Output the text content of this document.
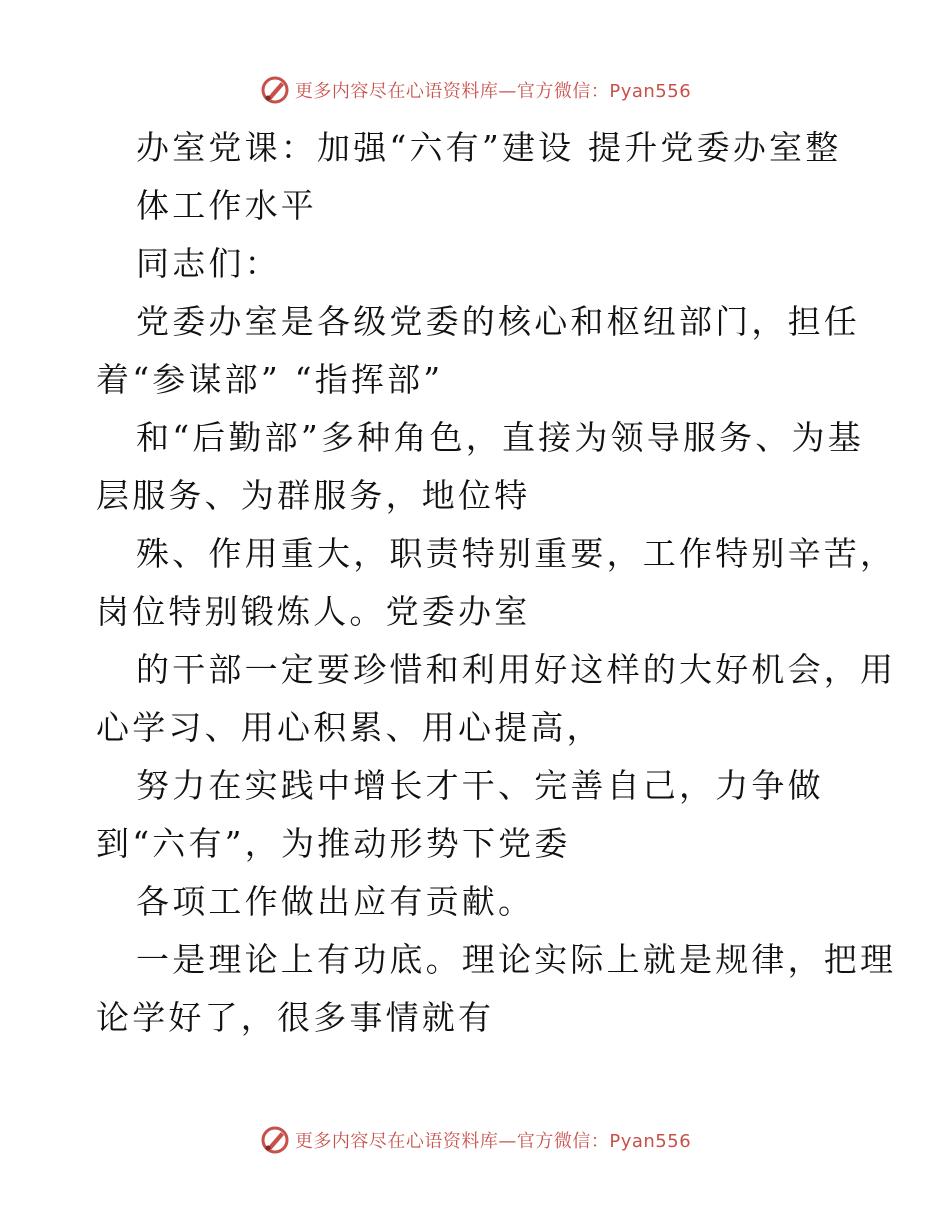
更多内容尽在心语资料库—官方微信：Pyan556
办室党课：加强“六有”建设 提升党委办室整
体工作水平
同志们：
党委办室是各级党委的核心和枢纽部门，担任
着“参谋部” “指挥部”
和“后勤部”多种角色，直接为领导服务、为基
层服务、为群服务，地位特
殊、作用重大，职责特别重要，工作特别辛苦，
岗位特别锻炼人。党委办室
的干部一定要珍惜和利用好这样的大好机会，用
心学习、用心积累、用心提高，
努力在实践中增长才干、完善自己，力争做
到“六有”，为推动形势下党委
各项工作做出应有贡献。
一是理论上有功底。理论实际上就是规律，把理
论学好了，很多事情就有
更多内容尽在心语资料库—官方微信：Pyan556
